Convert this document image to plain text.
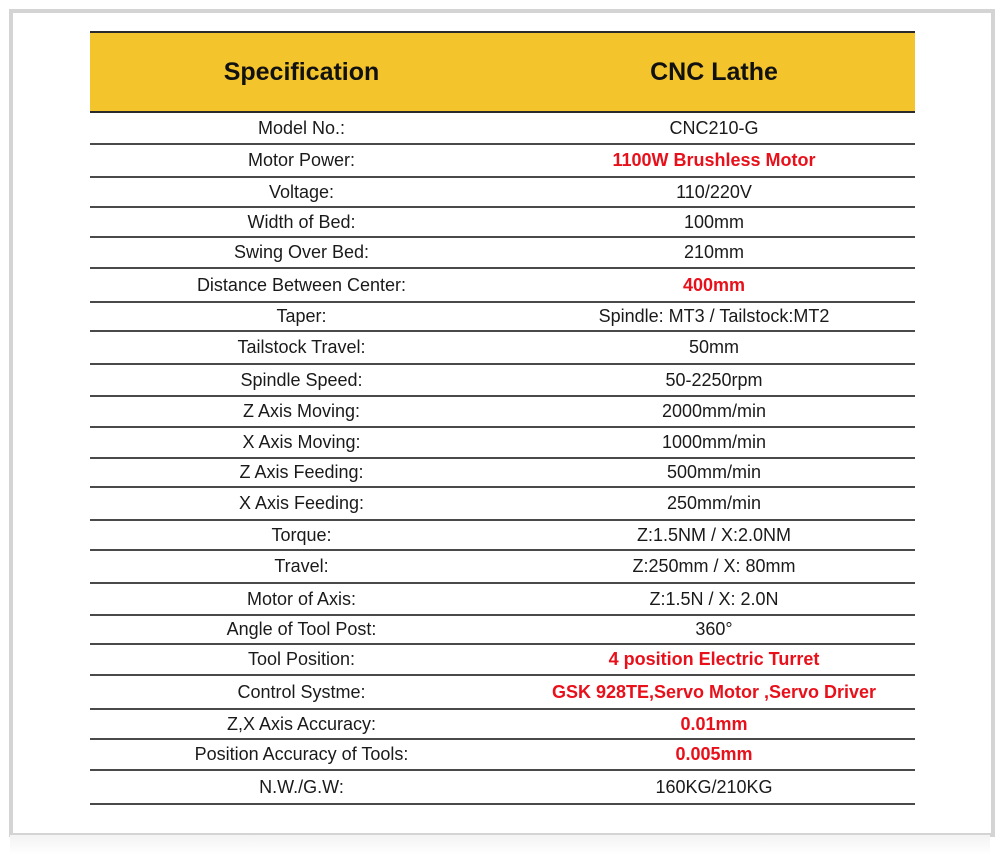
Specification	CNC Lathe
Model No.:	CNC210-G
Motor Power:	1100W Brushless Motor
Voltage:	110/220V
Width of Bed:	100mm
Swing Over Bed:	210mm
Distance Between Center:	400mm
Taper:	Spindle: MT3 / Tailstock:MT2
Tailstock Travel:	50mm
Spindle Speed:	50-2250rpm
Z Axis Moving:	2000mm/min
X Axis Moving:	1000mm/min
Z Axis Feeding:	500mm/min
X Axis Feeding:	250mm/min
Torque:	Z:1.5NM / X:2.0NM
Travel:	Z:250mm / X: 80mm
Motor of Axis:	Z:1.5N / X: 2.0N
Angle of Tool Post:	360°
Tool Position:	4 position Electric Turret
Control Systme:	GSK 928TE,Servo Motor ,Servo Driver
Z,X Axis Accuracy:	0.01mm
Position Accuracy of Tools:	0.005mm
N.W./G.W:	160KG/210KG
